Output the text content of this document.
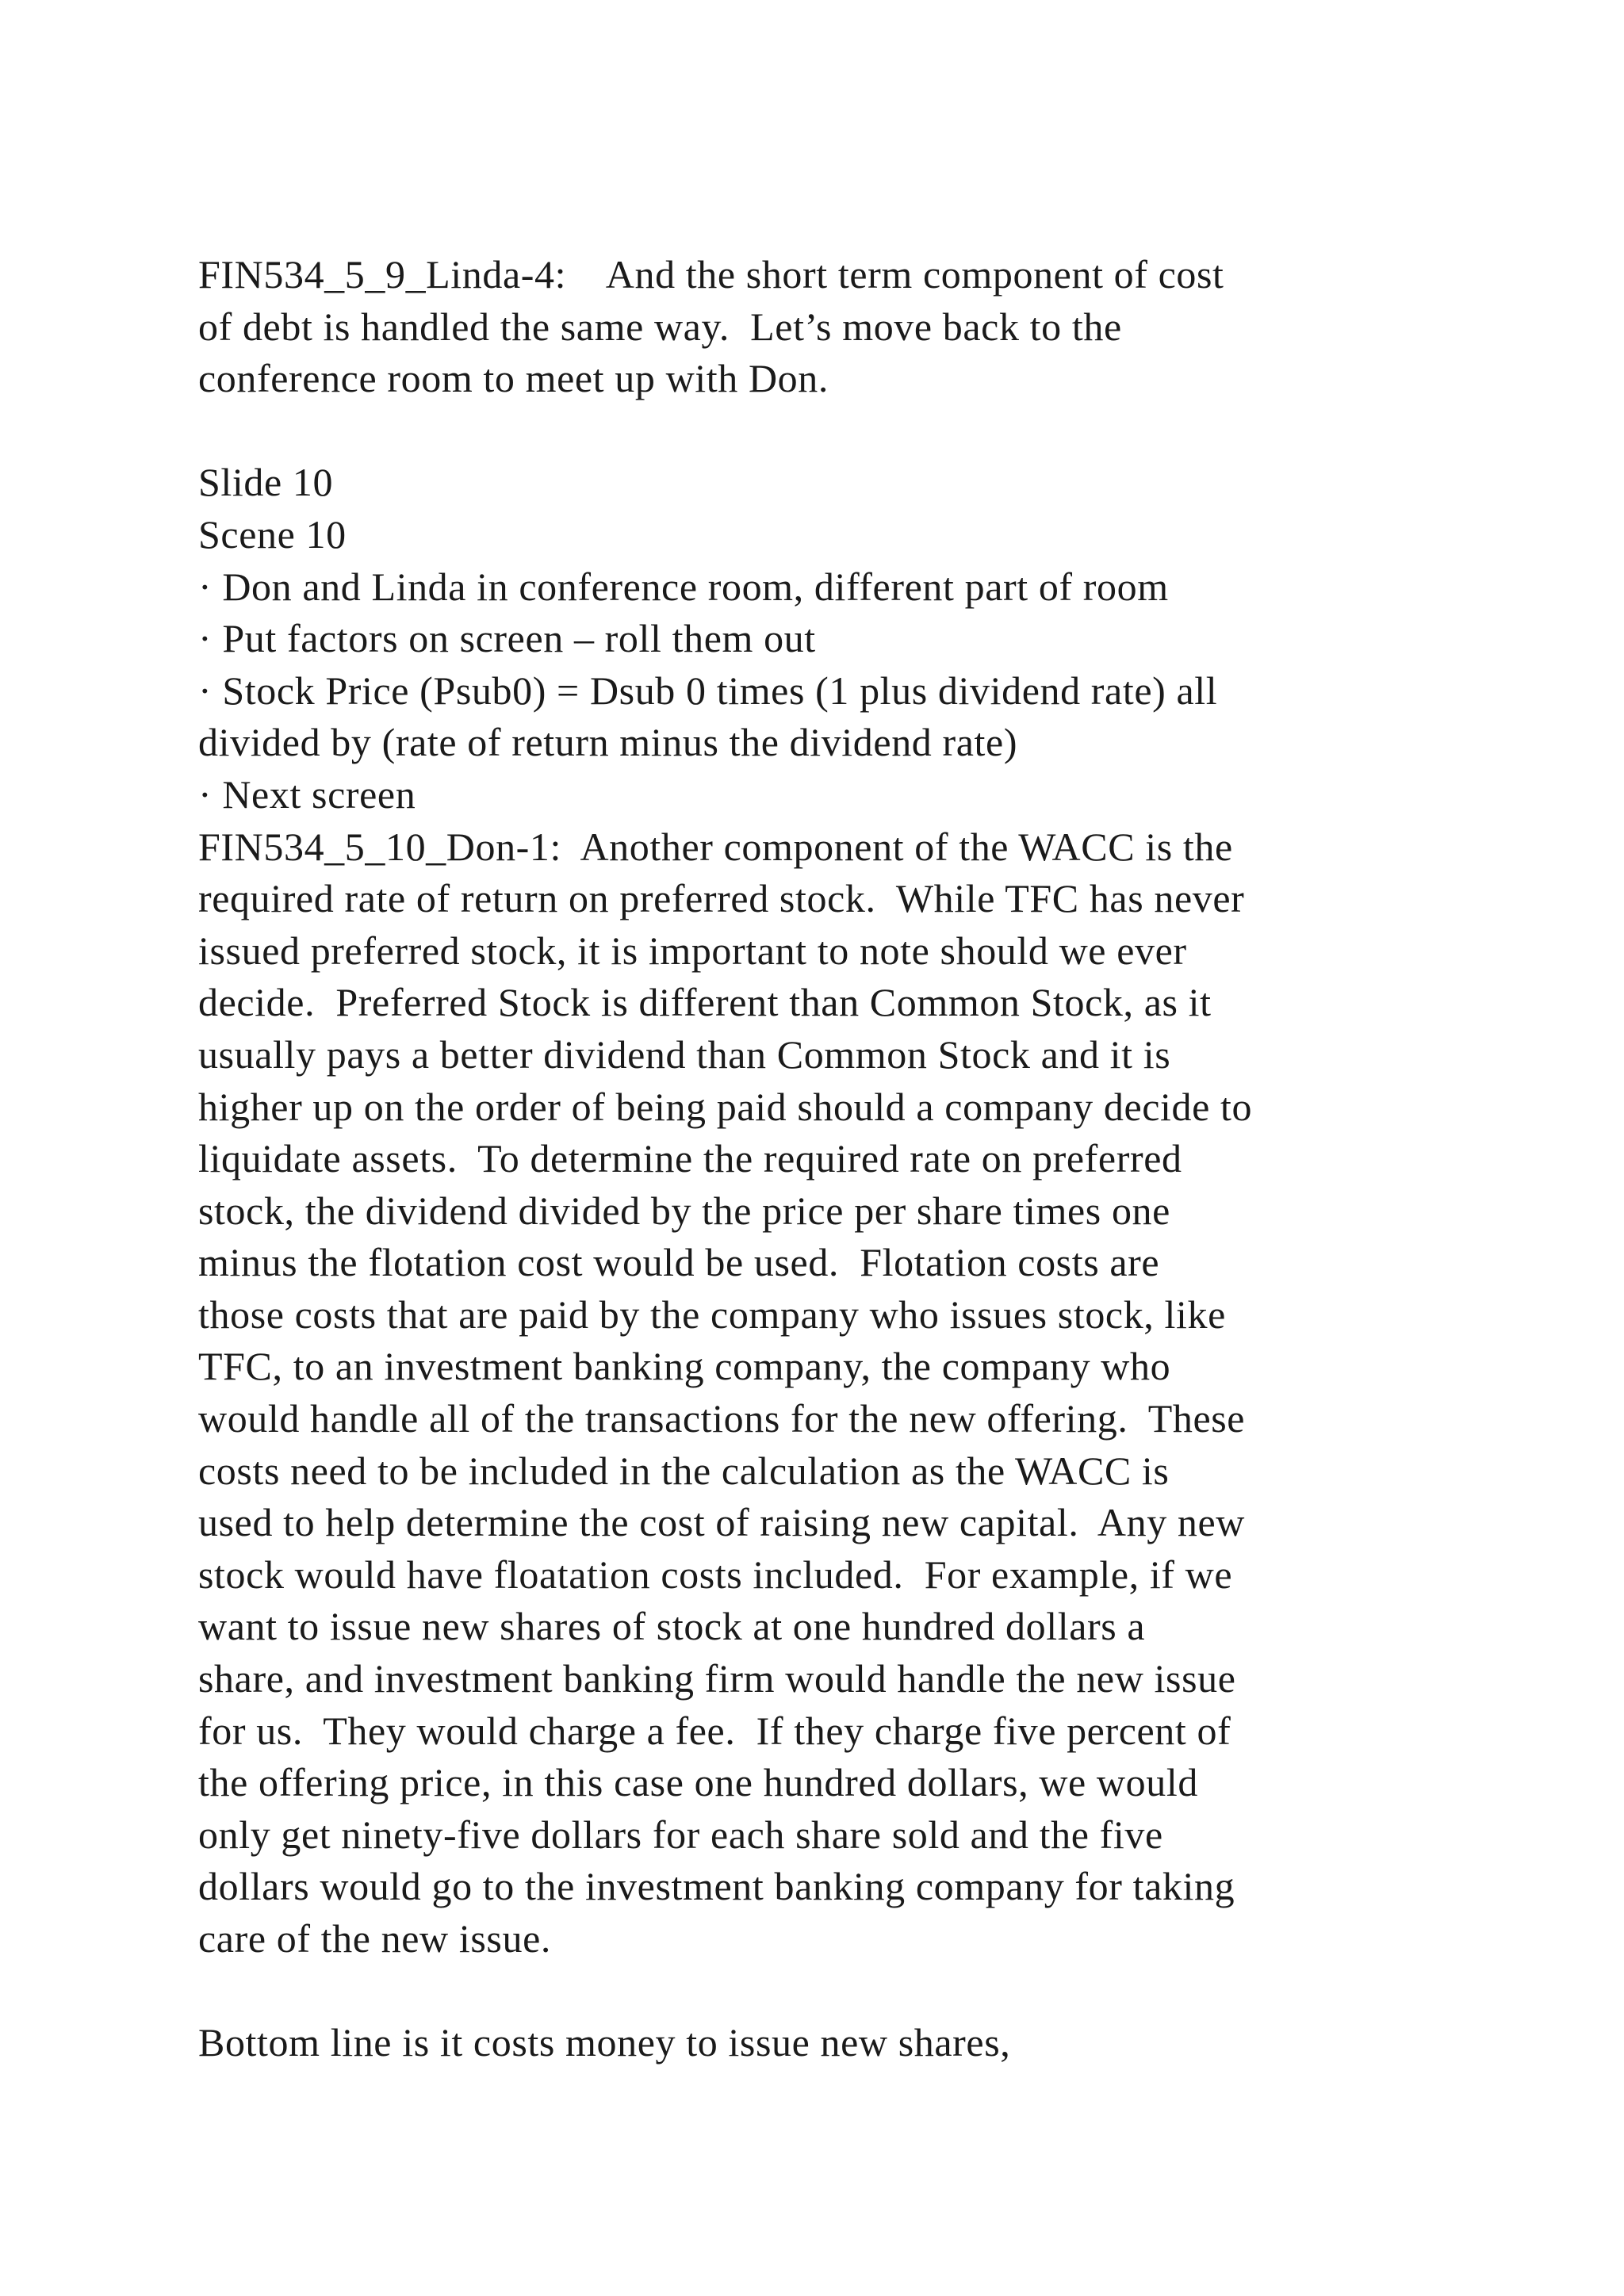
FIN534_5_9_Linda-4:    And the short term component of cost
of debt is handled the same way.  Let’s move back to the
conference room to meet up with Don.
Slide 10
Scene 10
· Don and Linda in conference room, different part of room
· Put factors on screen – roll them out
· Stock Price (Psub0) = Dsub 0 times (1 plus dividend rate) all
divided by (rate of return minus the dividend rate)
· Next screen
FIN534_5_10_Don-1:  Another component of the WACC is the
required rate of return on preferred stock.  While TFC has never
issued preferred stock, it is important to note should we ever
decide.  Preferred Stock is different than Common Stock, as it
usually pays a better dividend than Common Stock and it is
higher up on the order of being paid should a company decide to
liquidate assets.  To determine the required rate on preferred
stock, the dividend divided by the price per share times one
minus the flotation cost would be used.  Flotation costs are
those costs that are paid by the company who issues stock, like
TFC, to an investment banking company, the company who
would handle all of the transactions for the new offering.  These
costs need to be included in the calculation as the WACC is
used to help determine the cost of raising new capital.  Any new
stock would have floatation costs included.  For example, if we
want to issue new shares of stock at one hundred dollars a
share, and investment banking firm would handle the new issue
for us.  They would charge a fee.  If they charge five percent of
the offering price, in this case one hundred dollars, we would
only get ninety-five dollars for each share sold and the five
dollars would go to the investment banking company for taking
care of the new issue.
Bottom line is it costs money to issue new shares,
